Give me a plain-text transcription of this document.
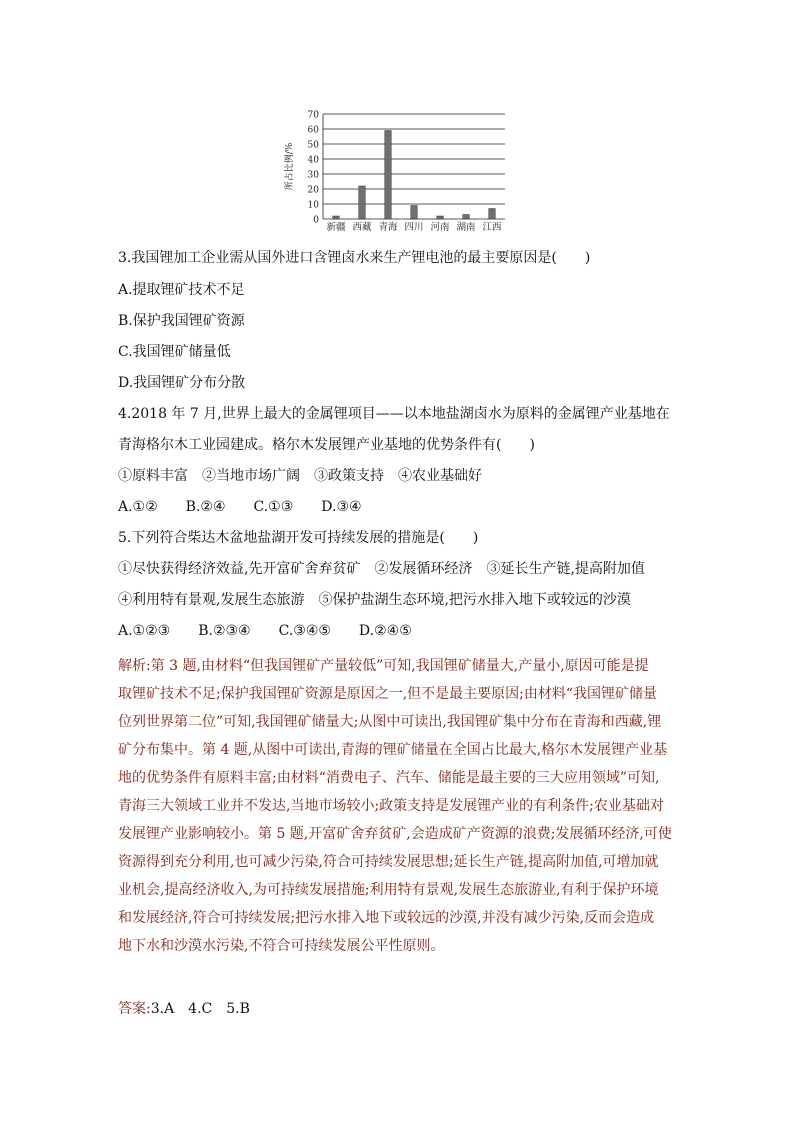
0
10
20
30
40
50
60
70
所占比例/%
新疆 西藏 青海 四川 河南 湖南 江西
3.我国锂加工企业需从国外进口含锂卤水来生产锂电池的最主要原因是(　　)
A.提取锂矿技术不足
B.保护我国锂矿资源
C.我国锂矿储量低
D.我国锂矿分布分散
4.2018 年 7 月,世界上最大的金属锂项目——以本地盐湖卤水为原料的金属锂产业基地在
青海格尔木工业园建成。格尔木发展锂产业基地的优势条件有(　　)
①原料丰富　②当地市场广阔　③政策支持　④农业基础好
A.①②　　B.②④　　C.①③　　D.③④
5.下列符合柴达木盆地盐湖开发可持续发展的措施是(　　)
①尽快获得经济效益,先开富矿舍弃贫矿　②发展循环经济　③延长生产链,提高附加值
④利用特有景观,发展生态旅游　⑤保护盐湖生态环境,把污水排入地下或较远的沙漠
A.①②③　　B.②③④　　C.③④⑤　　D.②④⑤
解析:第 3 题,由材料“但我国锂矿产量较低”可知,我国锂矿储量大,产量小,原因可能是提
取锂矿技术不足;保护我国锂矿资源是原因之一,但不是最主要原因;由材料“我国锂矿储量
位列世界第二位”可知,我国锂矿储量大;从图中可读出,我国锂矿集中分布在青海和西藏,锂
矿分布集中。第 4 题,从图中可读出,青海的锂矿储量在全国占比最大,格尔木发展锂产业基
地的优势条件有原料丰富;由材料“消费电子、汽车、储能是最主要的三大应用领域”可知,
青海三大领域工业并不发达,当地市场较小;政策支持是发展锂产业的有利条件;农业基础对
发展锂产业影响较小。第 5 题,开富矿舍弃贫矿,会造成矿产资源的浪费;发展循环经济,可使
资源得到充分利用,也可减少污染,符合可持续发展思想;延长生产链,提高附加值,可增加就
业机会,提高经济收入,为可持续发展措施;利用特有景观,发展生态旅游业,有利于保护环境
和发展经济,符合可持续发展;把污水排入地下或较远的沙漠,并没有减少污染,反而会造成
地下水和沙漠水污染,不符合可持续发展公平性原则。
答案:3.A　4.C　5.B
